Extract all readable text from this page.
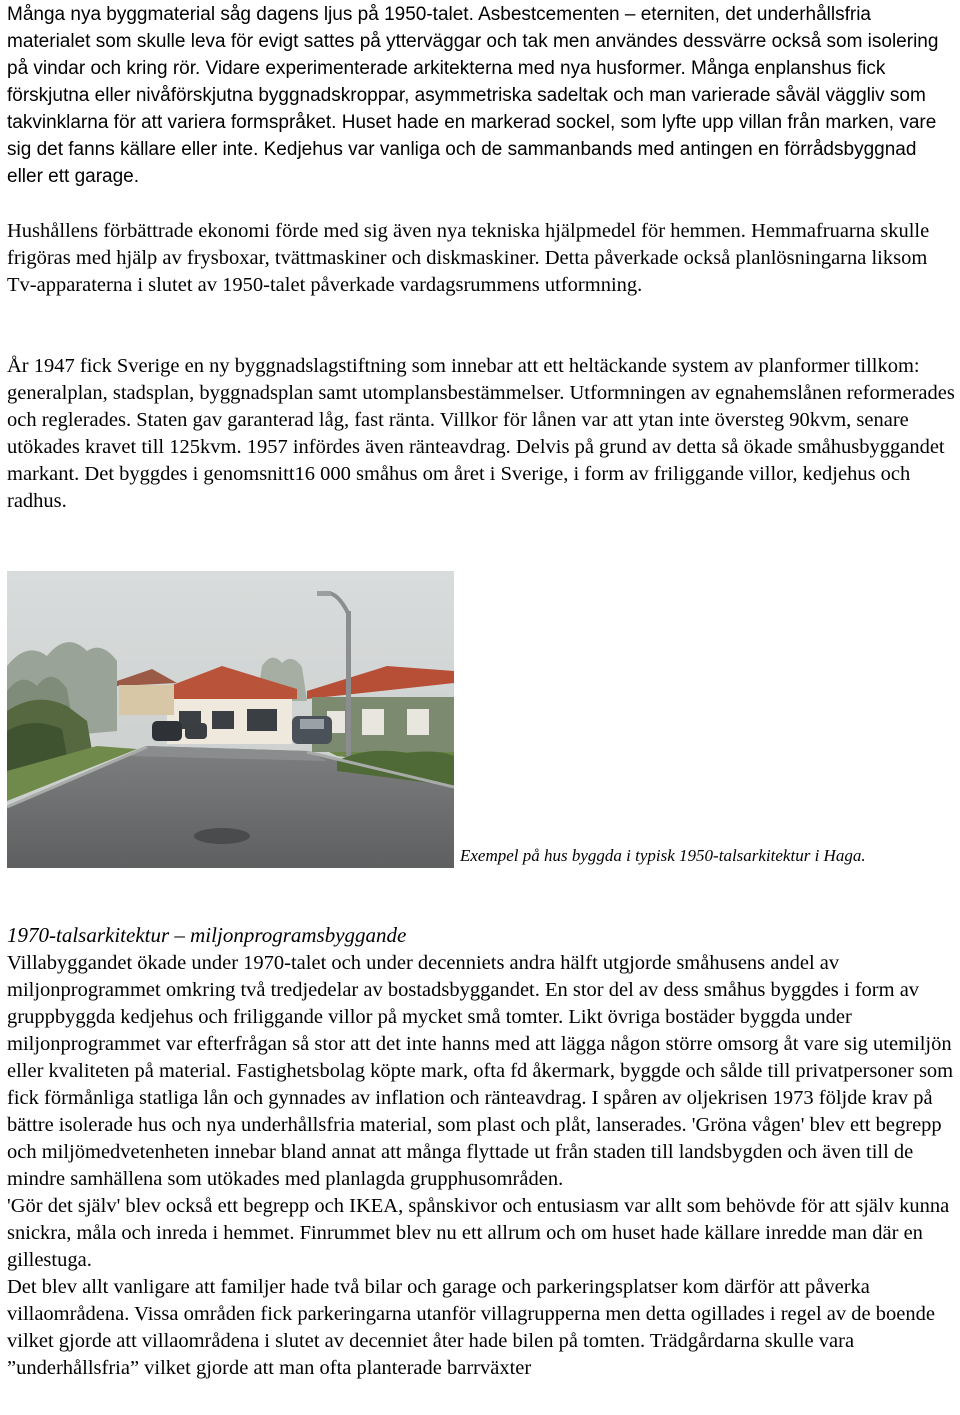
Många nya byggmaterial såg dagens ljus på 1950-talet. Asbestcementen – eterniten, det underhållsfria materialet som skulle leva för evigt sattes på ytterväggar och tak men användes dessvärre också som isolering på vindar och kring rör. Vidare experimenterade arkitekterna med nya husformer. Många enplanshus fick förskjutna eller nivåförskjutna byggnadskroppar, asymmetriska sadeltak och man varierade såväl väggliv som takvinklarna för att variera formspråket. Huset hade en markerad sockel, som lyfte upp villan från marken, vare sig det fanns källare eller inte. Kedjehus var vanliga och de sammanbands med antingen en förrådsbyggnad eller ett garage.

Hushållens förbättrade ekonomi förde med sig även nya tekniska hjälpmedel för hemmen. Hemmafruarna skulle frigöras med hjälp av frysboxar, tvättmaskiner och diskmaskiner. Detta påverkade också planlösningarna liksom Tv-apparaterna i slutet av 1950-talet påverkade vardagsrummens utformning.

År 1947 fick Sverige en ny byggnadslagstiftning som innebar att ett heltäckande system av planformer tillkom: generalplan, stadsplan, byggnadsplan samt utomplansbestämmelser. Utformningen av egnahemslånen reformerades och reglerades. Staten gav garanterad låg, fast ränta. Villkor för lånen var att ytan inte översteg 90kvm, senare utökades kravet till 125kvm. 1957 infördes även ränteavdrag. Delvis på grund av detta så ökade småhusbyggandet markant. Det byggdes i genomsnitt16 000 småhus om året i Sverige, i form av friliggande villor, kedjehus och radhus.

Exempel på hus byggda i typisk 1950-talsarkitektur i Haga.
1970-talsarkitektur – miljonprogramsbyggande

Villabyggandet ökade under 1970-talet och under decenniets andra hälft utgjorde småhusens andel av miljonprogrammet omkring två tredjedelar av bostadsbyggandet. En stor del av dess småhus byggdes i form av gruppbyggda kedjehus och friliggande villor på mycket små tomter. Likt övriga bostäder byggda under miljonprogrammet var efterfrågan så stor att det inte hanns med att lägga någon större omsorg åt vare sig utemiljön eller kvaliteten på material. Fastighetsbolag köpte mark, ofta fd åkermark, byggde och sålde till privatpersoner som fick förmånliga statliga lån och gynnades av inflation och ränteavdrag. I spåren av oljekrisen 1973 följde krav på bättre isolerade hus och nya underhållsfria material, som plast och plåt, lanserades. 'Gröna vågen' blev ett begrepp och miljömedvetenheten innebar bland annat att många flyttade ut från staden till landsbygden och även till de mindre samhällena som utökades med planlagda grupphusområden.

'Gör det själv' blev också ett begrepp och IKEA, spånskivor och entusiasm var allt som behövde för att själv kunna snickra, måla och inreda i hemmet. Finrummet blev nu ett allrum och om huset hade källare inredde man där en gillestuga.

Det blev allt vanligare att familjer hade två bilar och garage och parkeringsplatser kom därför att påverka villaområdena. Vissa områden fick parkeringarna utanför villagrupperna men detta ogillades i regel av de boende vilket gjorde att villaområdena i slutet av decenniet åter hade bilen på tomten. Trädgårdarna skulle vara ”underhållsfria” vilket gjorde att man ofta planterade barrväxter
